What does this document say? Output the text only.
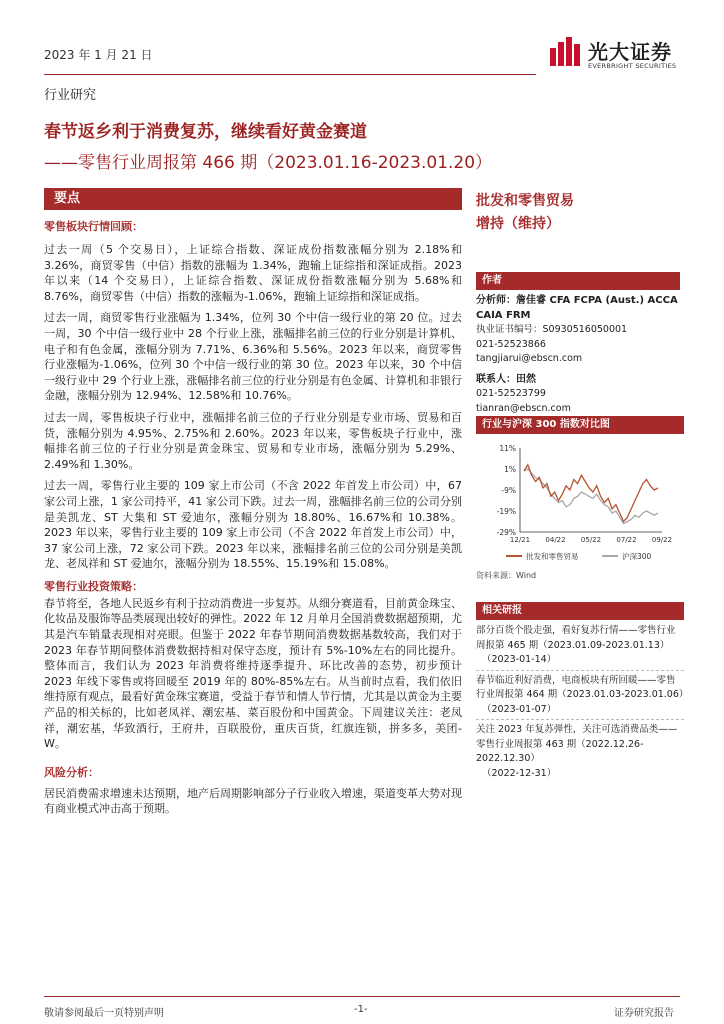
2023 年 1 月 21 日	光大证券
EVERBRIGHT SECURITIES
行业研究
春节返乡利于消费复苏，继续看好黄金赛道
——零售行业周报第 466 期（2023.01.16-2023.01.20）
要点
零售板块行情回顾：
过去一周（5 个交易日），上证综合指数、深证成份指数涨幅分别为 2.18%和 3.26%，商贸零售（中信）指数的涨幅为 1.34%，跑输上证综指和深证成指。2023 年以来（14 个交易日），上证综合指数、深证成份指数涨幅分别为 5.68%和 8.76%，商贸零售（中信）指数的涨幅为-1.06%，跑输上证综指和深证成指。
过去一周，商贸零售行业涨幅为 1.34%，位列 30 个中信一级行业的第 20 位。过去一周，30 个中信一级行业中 28 个行业上涨，涨幅排名前三位的行业分别是计算机、电子和有色金属，涨幅分别为 7.71%、6.36%和 5.56%。2023 年以来，商贸零售行业涨幅为-1.06%，位列 30 个中信一级行业的第 30 位。2023 年以来，30 个中信一级行业中 29 个行业上涨，涨幅排名前三位的行业分别是有色金属、计算机和非银行金融，涨幅分别为 12.94%、12.58%和 10.76%。
过去一周，零售板块子行业中，涨幅排名前三位的子行业分别是专业市场、贸易和百货，涨幅分别为 4.95%、2.75%和 2.60%。2023 年以来，零售板块子行业中，涨幅排名前三位的子行业分别是黄金珠宝、贸易和专业市场，涨幅分别为 5.29%、2.49%和 1.30%。
过去一周，零售行业主要的 109 家上市公司（不含 2022 年首发上市公司）中，67 家公司上涨，1 家公司持平，41 家公司下跌。过去一周，涨幅排名前三位的公司分别是美凯龙、ST 大集和 ST 爱迪尔，涨幅分别为 18.80%、16.67%和 10.38%。2023 年以来，零售行业主要的 109 家上市公司（不含 2022 年首发上市公司）中，37 家公司上涨，72 家公司下跌。2023 年以来，涨幅排名前三位的公司分别是美凯龙、老凤祥和 ST 爱迪尔，涨幅分别为 18.55%、15.19%和 15.08%。
零售行业投资策略：
春节将至，各地人民返乡有利于拉动消费进一步复苏。从细分赛道看，目前黄金珠宝、化妆品及服饰等品类展现出较好的弹性。2022 年 12 月单月全国消费数据超预期，尤其是汽车销量表现相对亮眼。但鉴于 2022 年春节期间消费数据基数较高，我们对于 2023 年春节期间整体消费数据持相对保守态度，预计有 5%-10%左右的同比提升。整体而言，我们认为 2023 年消费将维持逐季提升、环比改善的态势，初步预计 2023 年线下零售或将回暖至 2019 年的 80%-85%左右。从当前时点看，我们依旧维持原有观点，最看好黄金珠宝赛道，受益于春节和情人节行情，尤其是以黄金为主要产品的相关标的，比如老凤祥、潮宏基、菜百股份和中国黄金。下周建议关注：老凤祥，潮宏基，华致酒行，王府井，百联股份，重庆百货，红旗连锁，拼多多，美团-W。
风险分析：
居民消费需求增速未达预期，地产后周期影响部分子行业收入增速，渠道变革大势对现有商业模式冲击高于预期。
批发和零售贸易
增持（维持）
作者
分析师：詹佳睿 CFA FCPA (Aust.) ACCA CAIA FRM
执业证书编号：S0930516050001
021-52523866
tangjiarui@ebscn.com
联系人：田然
021-52523799
tianran@ebscn.com
行业与沪深 300 指数对比图
11%
1%
-9%
-19%
-29%
12/21 04/22 05/22 07/22 09/22
批发和零售贸易	沪深300
资料来源：Wind
相关研报
部分百货个股走强，看好复苏行情——零售行业周报第 465 期（2023.01.09-2023.01.13）
（2023-01-14）
春节临近利好消费，电商板块有所回暖——零售行业周报第 464 期（2023.01.03-2023.01.06）
（2023-01-07）
关注 2023 年复苏弹性，关注可选消费品类——零售行业周报第 463 期（2022.12.26-2022.12.30）
（2022-12-31）
敬请参阅最后一页特别声明	-1-	证券研究报告
